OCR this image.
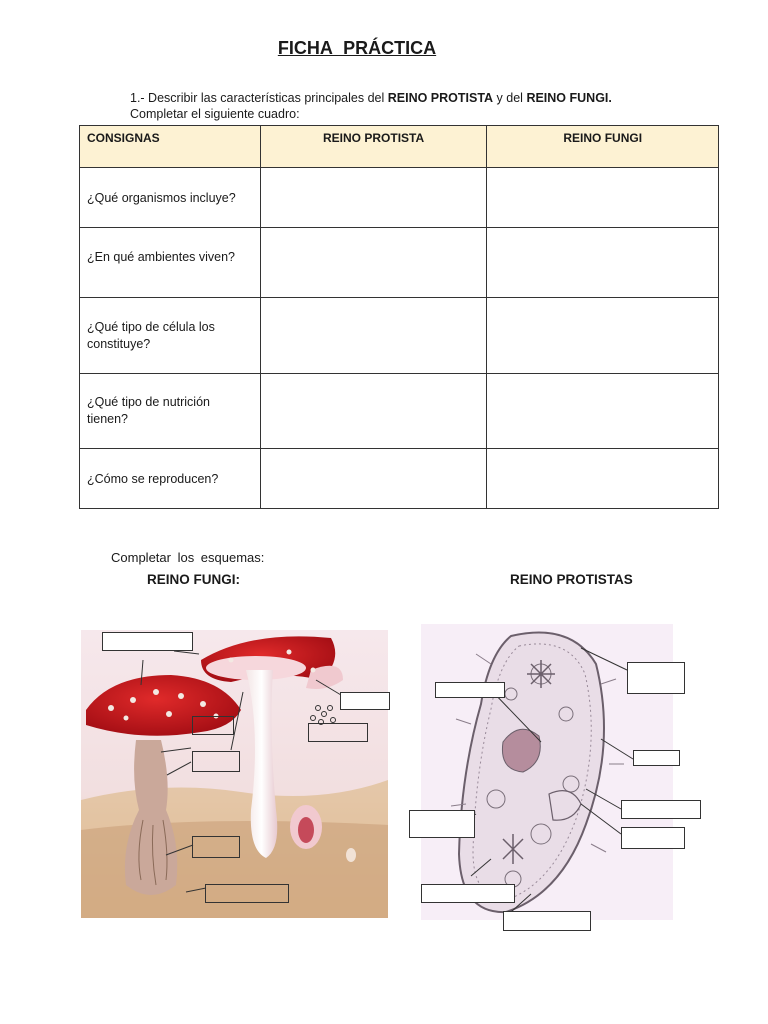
FICHA PRÁCTICA
1.- Describir las características principales del REINO PROTISTA y del REINO FUNGI.
Completar el siguiente cuadro:
CONSIGNAS	REINO PROTISTA	REINO FUNGI
¿Qué organismos incluye?		
¿En qué ambientes viven?		
¿Qué tipo de célula los constituye?		
¿Qué tipo de nutrición tienen?		
¿Cómo se reproducen?		
Completar los esquemas:
REINO FUNGI:	REINO PROTISTAS
